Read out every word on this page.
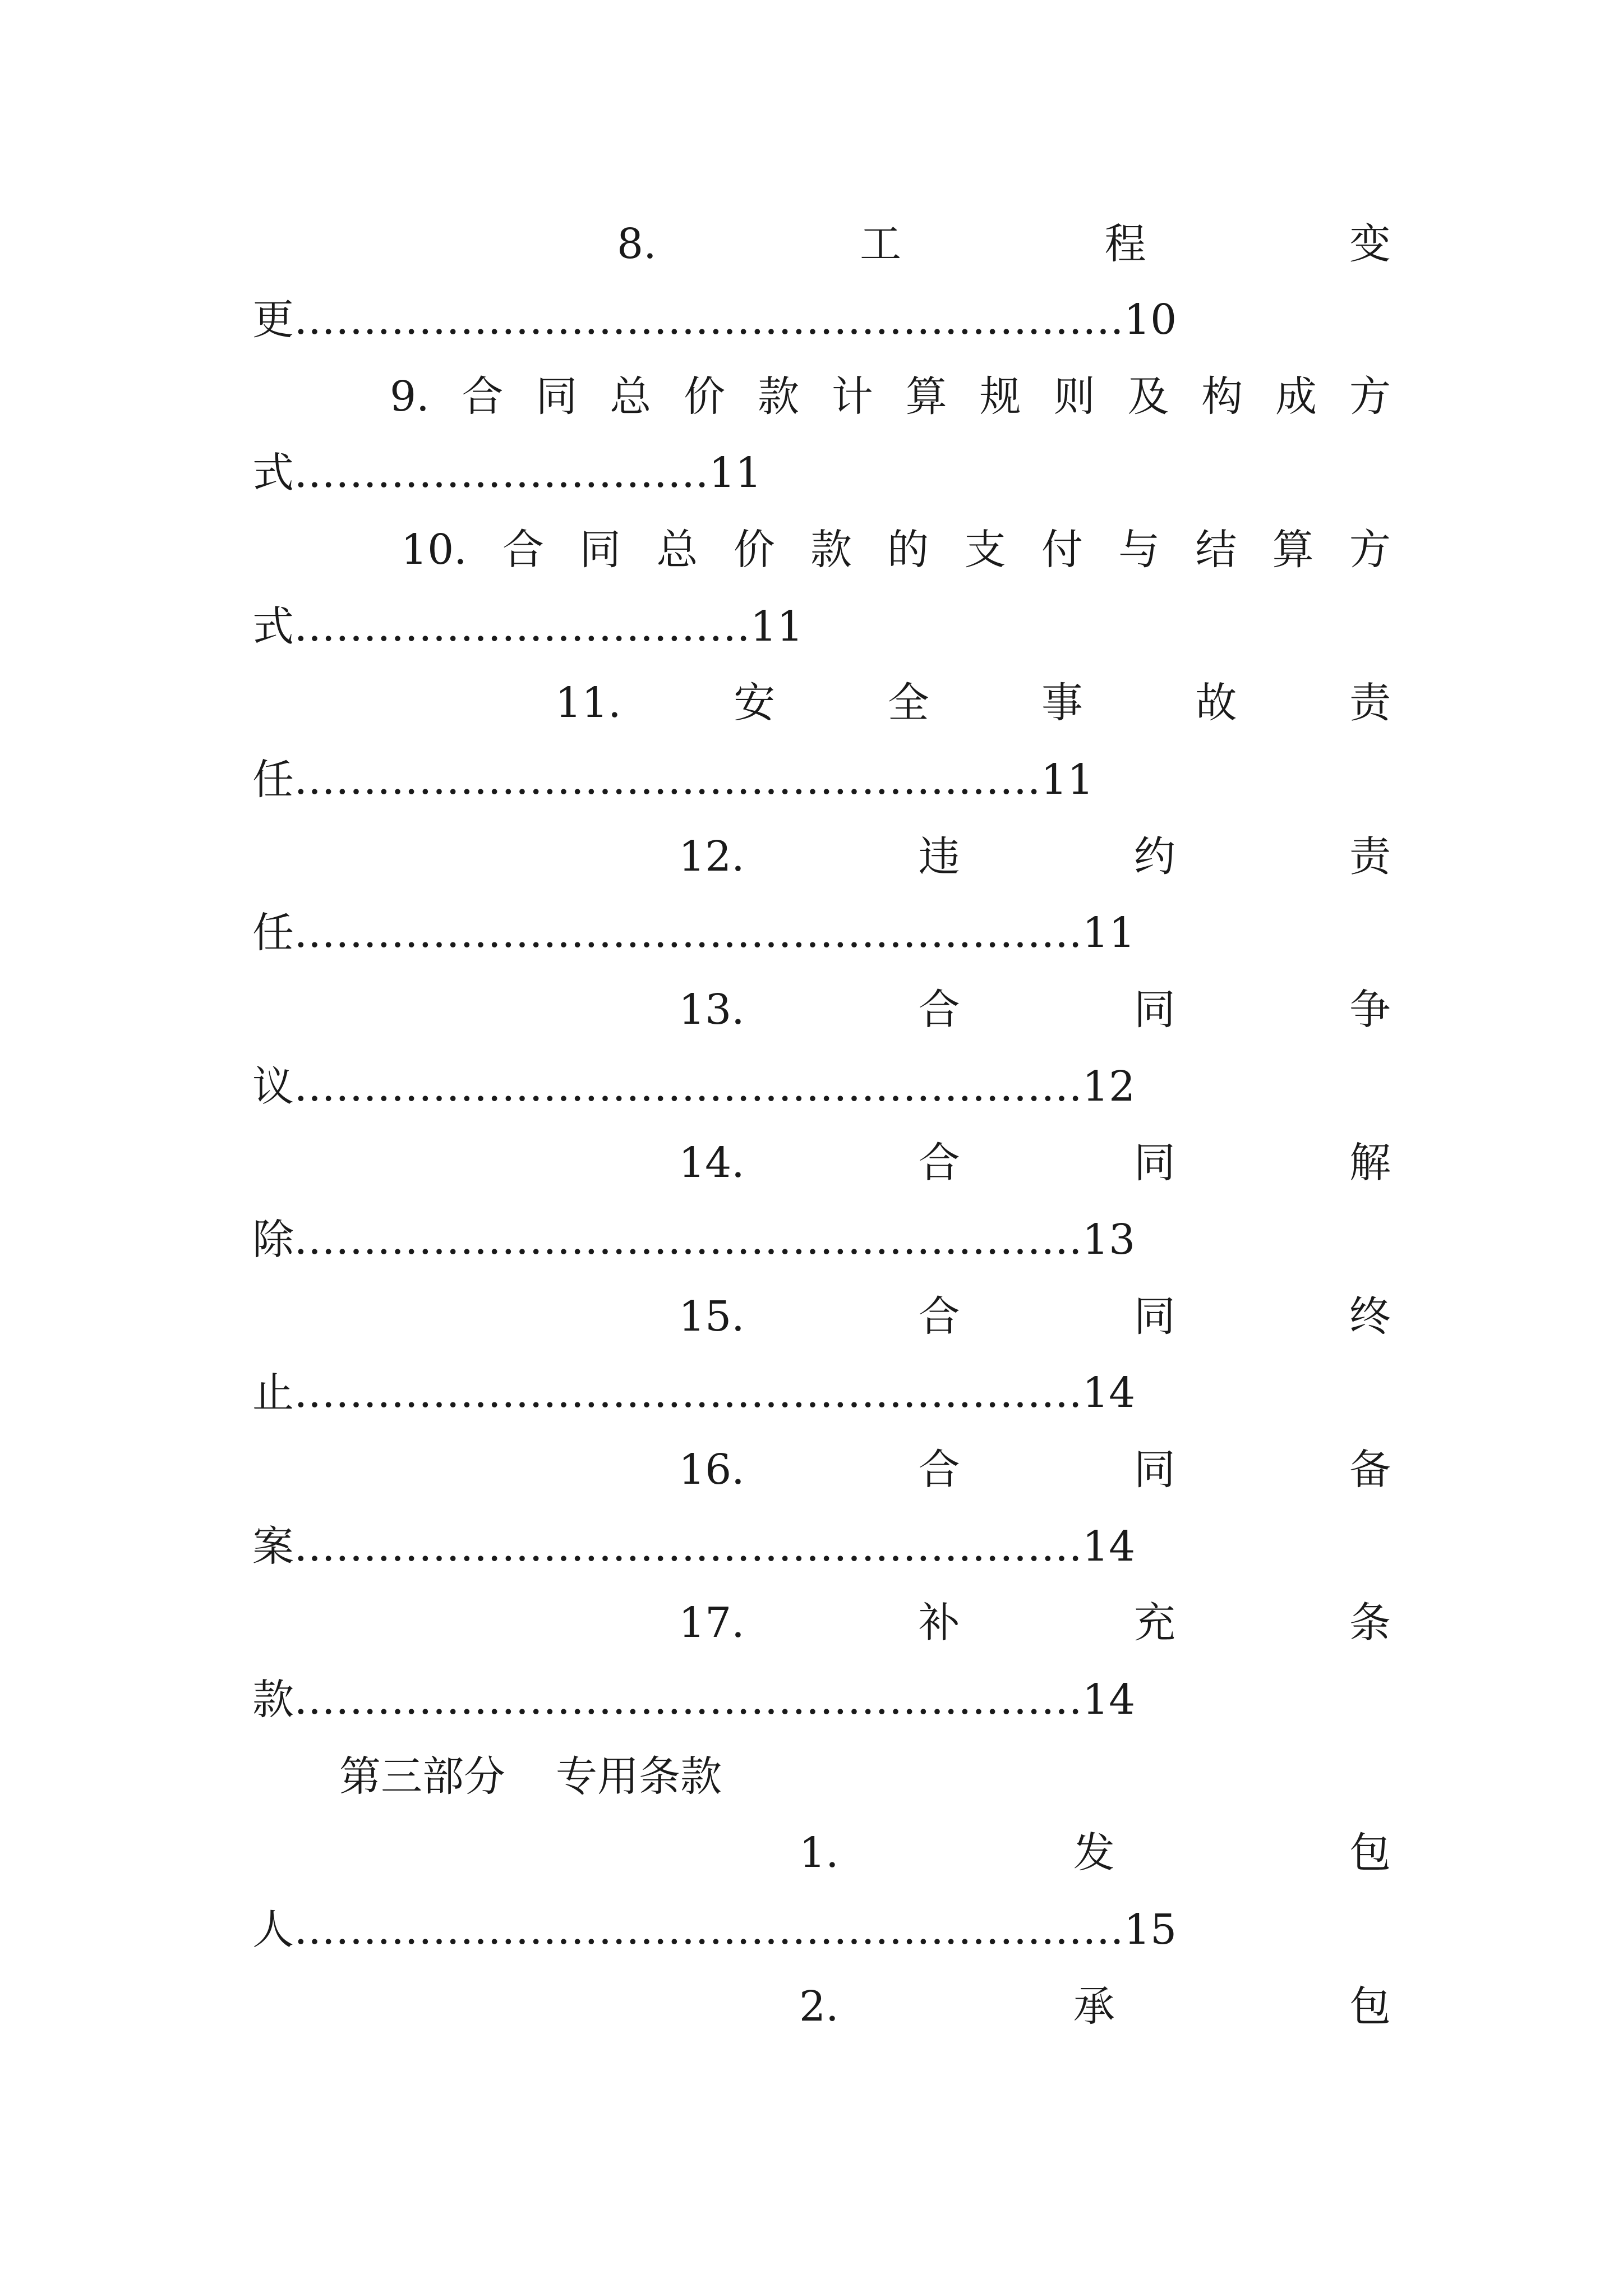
8.	工	程	变
更……………………………………………………10
9. 合 同 总 价 款 计 算 规 则 及 构 成 方
式…………………………11
10. 合 同 总 价 款 的 支 付 与 结 算 方
式……………………………11
11.	安	全	事	故	责
任………………………………………………11
12.	违	约	责
任…………………………………………………11
13.	合	同	争
议…………………………………………………12
14.	合	同	解
除…………………………………………………13
15.	合	同	终
止…………………………………………………14
16.	合	同	备
案…………………………………………………14
17.	补	充	条
款…………………………………………………14
第三部分 专用条款
1.	发	包
人……………………………………………………15
2.	承	包
